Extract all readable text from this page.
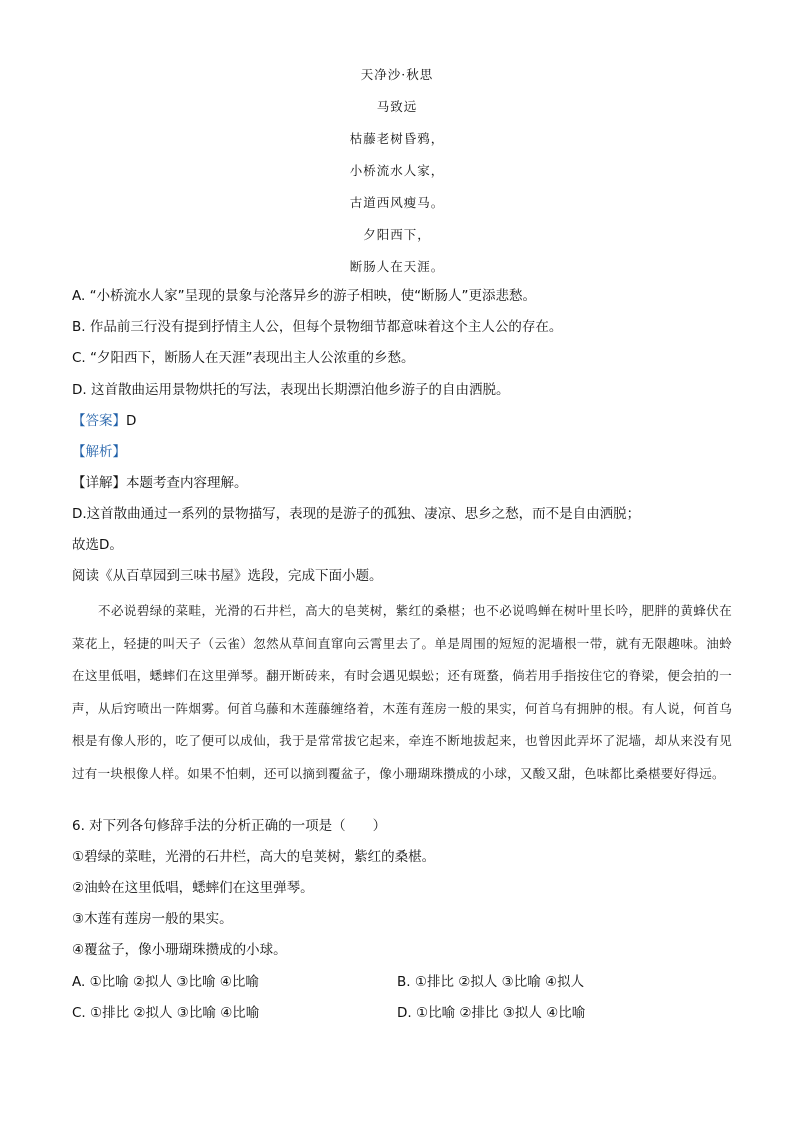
天净沙·秋思
马致远
枯藤老树昏鸦，
小桥流水人家，
古道西风瘦马。
夕阳西下，
断肠人在天涯。
A. “小桥流水人家”呈现的景象与沦落异乡的游子相映，使“断肠人”更添悲愁。
B. 作品前三行没有提到抒情主人公，但每个景物细节都意味着这个主人公的存在。
C. “夕阳西下，断肠人在天涯”表现出主人公浓重的乡愁。
D. 这首散曲运用景物烘托的写法，表现出长期漂泊他乡游子的自由洒脱。
【答案】D
【解析】
【详解】本题考查内容理解。
D.这首散曲通过一系列的景物描写，表现的是游子的孤独、凄凉、思乡之愁，而不是自由洒脱；
故选D。
阅读《从百草园到三味书屋》选段，完成下面小题。
不必说碧绿的菜畦，光滑的石井栏，高大的皂荚树，紫红的桑椹；也不必说鸣蝉在树叶里长吟，肥胖的黄蜂伏在菜花上，轻捷的叫天子（云雀）忽然从草间直窜向云霄里去了。单是周围的短短的泥墙根一带，就有无限趣味。油蛉在这里低唱，蟋蟀们在这里弹琴。翻开断砖来，有时会遇见蜈蚣；还有斑蝥，倘若用手指按住它的脊梁，便会拍的一声，从后窍喷出一阵烟雾。何首乌藤和木莲藤缠络着，木莲有莲房一般的果实，何首乌有拥肿的根。有人说，何首乌根是有像人形的，吃了便可以成仙，我于是常常拔它起来，牵连不断地拔起来，也曾因此弄坏了泥墙，却从来没有见过有一块根像人样。如果不怕刺，还可以摘到覆盆子，像小珊瑚珠攒成的小球，又酸又甜，色味都比桑椹要好得远。
6. 对下列各句修辞手法的分析正确的一项是（　　）
①碧绿的菜畦，光滑的石井栏，高大的皂荚树，紫红的桑椹。
②油蛉在这里低唱，蟋蟀们在这里弹琴。
③木莲有莲房一般的果实。
④覆盆子，像小珊瑚珠攒成的小球。
A. ①比喻 ②拟人 ③比喻 ④比喻	B. ①排比 ②拟人 ③比喻 ④拟人
C. ①排比 ②拟人 ③比喻 ④比喻	D. ①比喻 ②排比 ③拟人 ④比喻
